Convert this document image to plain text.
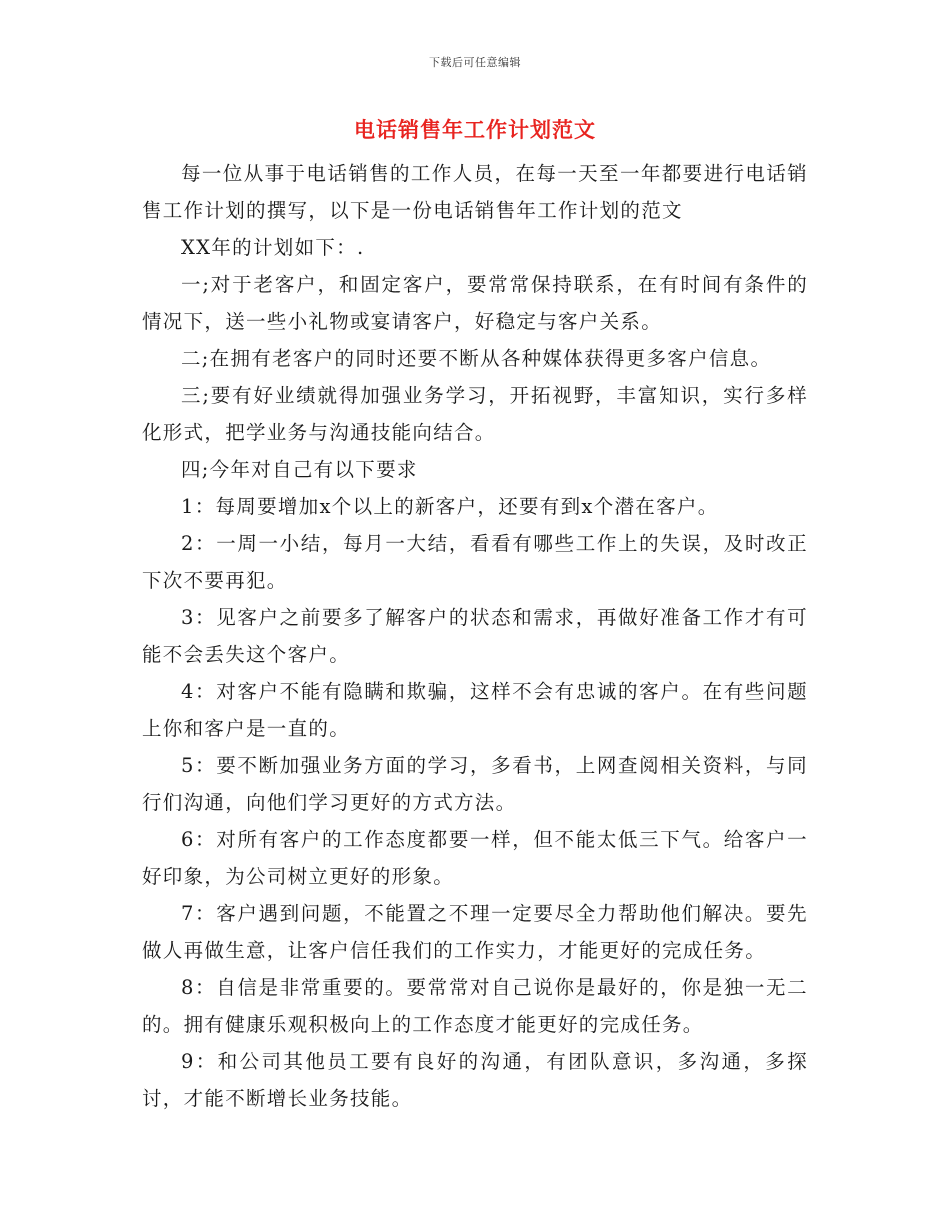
下载后可任意编辑
电话销售年工作计划范文

每一位从事于电话销售的工作人员，在每一天至一年都要进行电话销售工作计划的撰写，以下是一份电话销售年工作计划的范文

XX年的计划如下：.

一;对于老客户，和固定客户，要常常保持联系，在有时间有条件的情况下，送一些小礼物或宴请客户，好稳定与客户关系。

二;在拥有老客户的同时还要不断从各种媒体获得更多客户信息。

三;要有好业绩就得加强业务学习，开拓视野，丰富知识，实行多样化形式，把学业务与沟通技能向结合。

四;今年对自己有以下要求

1：每周要增加x个以上的新客户，还要有到x个潜在客户。

2：一周一小结，每月一大结，看看有哪些工作上的失误，及时改正下次不要再犯。

3：见客户之前要多了解客户的状态和需求，再做好准备工作才有可能不会丢失这个客户。

4：对客户不能有隐瞒和欺骗，这样不会有忠诚的客户。在有些问题上你和客户是一直的。

5：要不断加强业务方面的学习，多看书，上网查阅相关资料，与同行们沟通，向他们学习更好的方式方法。

6：对所有客户的工作态度都要一样，但不能太低三下气。给客户一好印象，为公司树立更好的形象。

7：客户遇到问题，不能置之不理一定要尽全力帮助他们解决。要先做人再做生意，让客户信任我们的工作实力，才能更好的完成任务。

8：自信是非常重要的。要常常对自己说你是最好的，你是独一无二的。拥有健康乐观积极向上的工作态度才能更好的完成任务。

9：和公司其他员工要有良好的沟通，有团队意识，多沟通，多探讨，才能不断增长业务技能。
